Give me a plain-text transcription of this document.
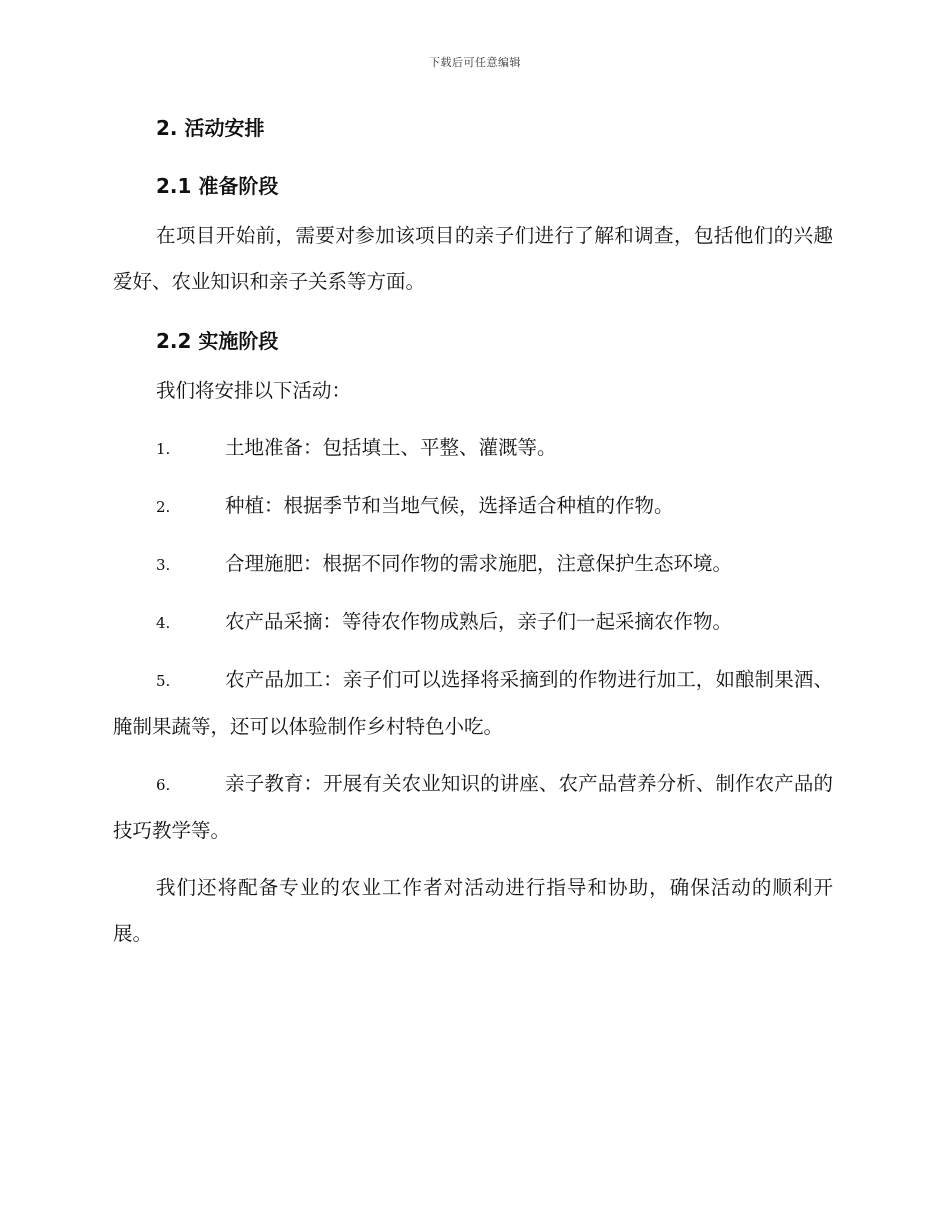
下载后可任意编辑
2. 活动安排
2.1 准备阶段

在项目开始前，需要对参加该项目的亲子们进行了解和调查，包括他们的兴趣爱好、农业知识和亲子关系等方面。

2.2 实施阶段

我们将安排以下活动：

1.	土地准备：包括填土、平整、灌溉等。

2.	种植：根据季节和当地气候，选择适合种植的作物。

3.	合理施肥：根据不同作物的需求施肥，注意保护生态环境。

4.	农产品采摘：等待农作物成熟后，亲子们一起采摘农作物。

5.	农产品加工：亲子们可以选择将采摘到的作物进行加工，如酿制果酒、腌制果蔬等，还可以体验制作乡村特色小吃。

6.	亲子教育：开展有关农业知识的讲座、农产品营养分析、制作农产品的技巧教学等。

我们还将配备专业的农业工作者对活动进行指导和协助，确保活动的顺利开展。
